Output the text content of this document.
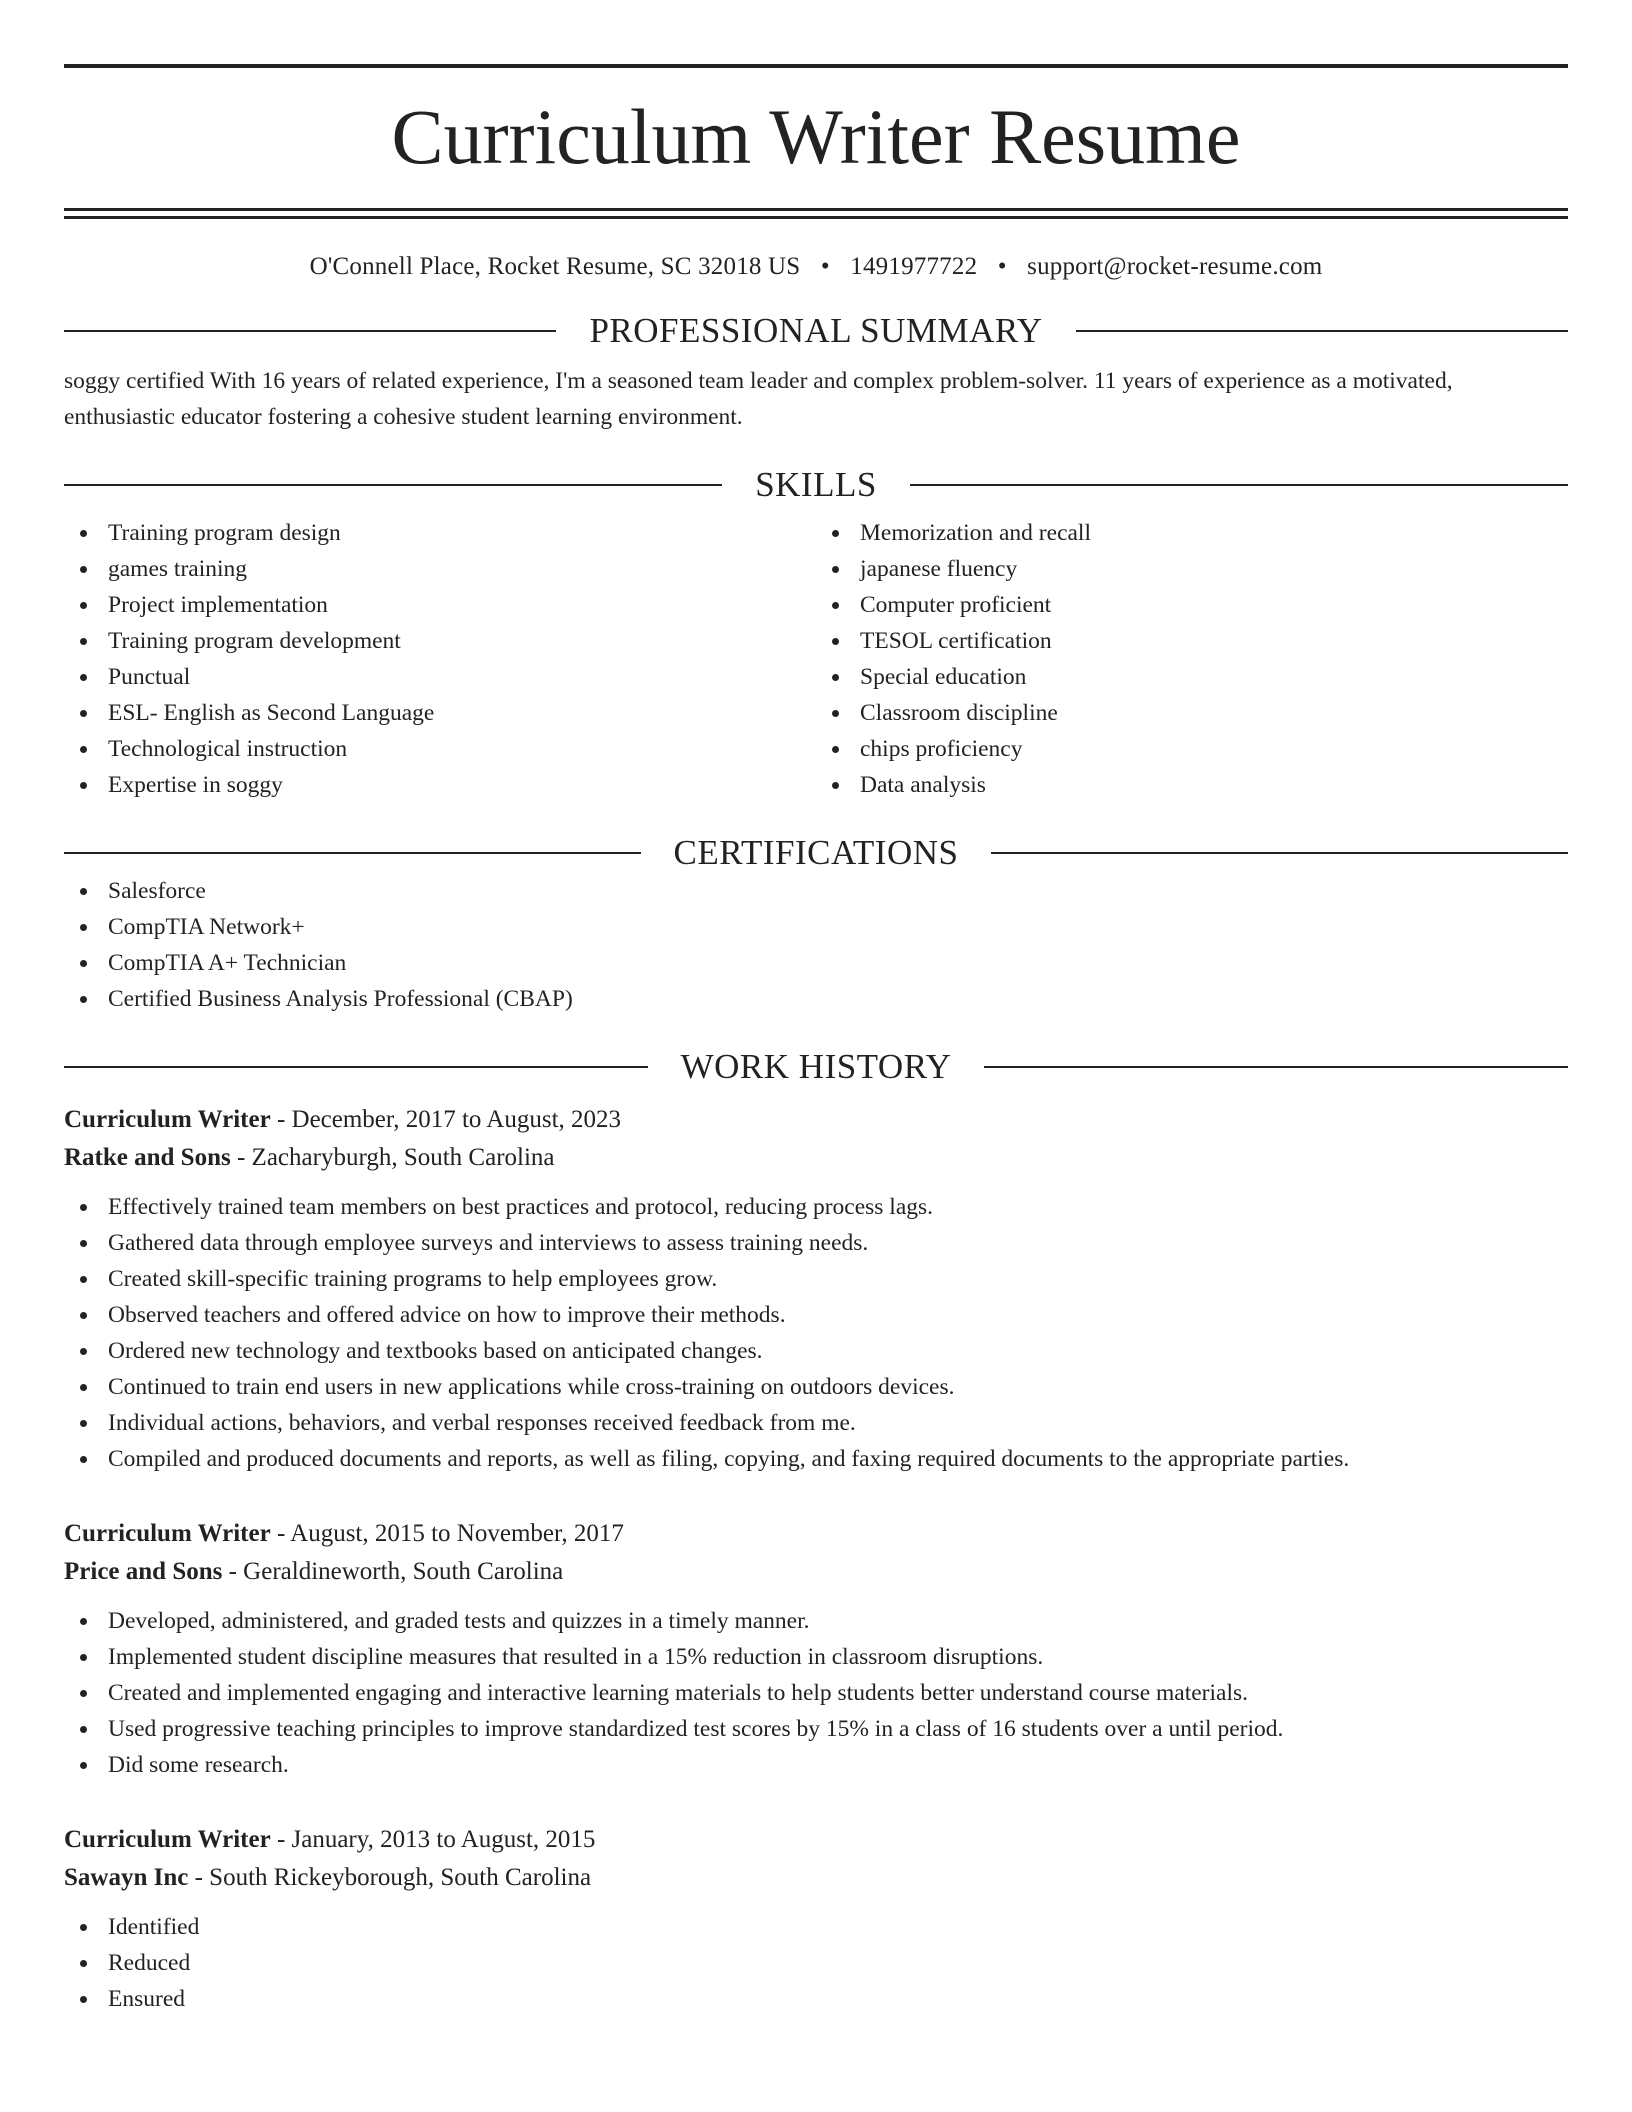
Curriculum Writer Resume
O'Connell Place, Rocket Resume, SC 32018 US • 1491977722 • support@rocket-resume.com
PROFESSIONAL SUMMARY
soggy certified With 16 years of related experience, I'm a seasoned team leader and complex problem-solver. 11 years of experience as a motivated, enthusiastic educator fostering a cohesive student learning environment.
SKILLS
Training program design
games training
Project implementation
Training program development
Punctual
ESL- English as Second Language
Technological instruction
Expertise in soggy
Memorization and recall
japanese fluency
Computer proficient
TESOL certification
Special education
Classroom discipline
chips proficiency
Data analysis
CERTIFICATIONS
Salesforce
CompTIA Network+
CompTIA A+ Technician
Certified Business Analysis Professional (CBAP)
WORK HISTORY
Curriculum Writer - December, 2017 to August, 2023
Ratke and Sons - Zacharyburgh, South Carolina
Effectively trained team members on best practices and protocol, reducing process lags.
Gathered data through employee surveys and interviews to assess training needs.
Created skill-specific training programs to help employees grow.
Observed teachers and offered advice on how to improve their methods.
Ordered new technology and textbooks based on anticipated changes.
Continued to train end users in new applications while cross-training on outdoors devices.
Individual actions, behaviors, and verbal responses received feedback from me.
Compiled and produced documents and reports, as well as filing, copying, and faxing required documents to the appropriate parties.
Curriculum Writer - August, 2015 to November, 2017
Price and Sons - Geraldineworth, South Carolina
Developed, administered, and graded tests and quizzes in a timely manner.
Implemented student discipline measures that resulted in a 15% reduction in classroom disruptions.
Created and implemented engaging and interactive learning materials to help students better understand course materials.
Used progressive teaching principles to improve standardized test scores by 15% in a class of 16 students over a until period.
Did some research.
Curriculum Writer - January, 2013 to August, 2015
Sawayn Inc - South Rickeyborough, South Carolina
Identified
Reduced
Ensured
